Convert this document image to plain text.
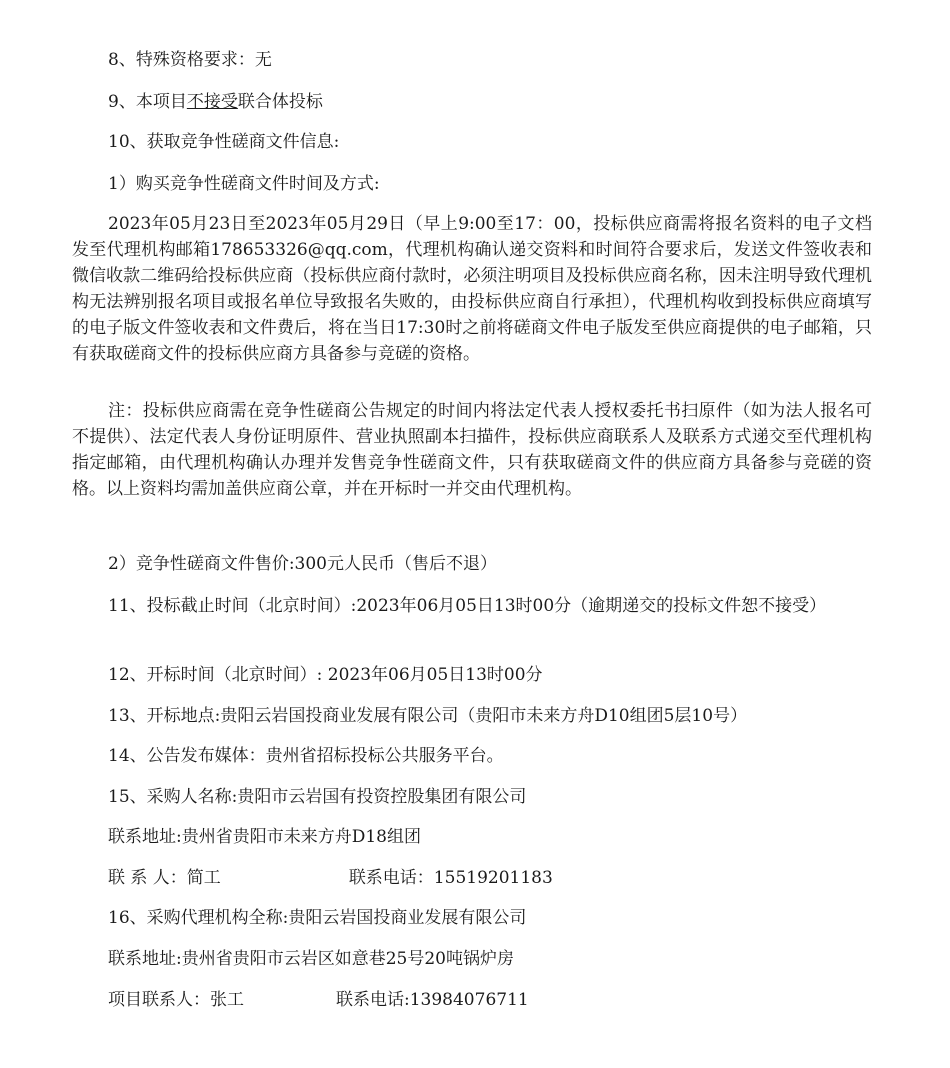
8、特殊资格要求：无
9、本项目不接受联合体投标
10、获取竞争性磋商文件信息:
1）购买竞争性磋商文件时间及方式:

2023年05月23日至2023年05月29日（早上9:00至17：00，投标供应商需将报名资料的电子文档发至代理机构邮箱178653326@qq.com，代理机构确认递交资料和时间符合要求后，发送文件签收表和微信收款二维码给投标供应商（投标供应商付款时，必须注明项目及投标供应商名称，因未注明导致代理机构无法辨别报名项目或报名单位导致报名失败的，由投标供应商自行承担），代理机构收到投标供应商填写的电子版文件签收表和文件费后，将在当日17:30时之前将磋商文件电子版发至供应商提供的电子邮箱，只有获取磋商文件的投标供应商方具备参与竞磋的资格。

注：投标供应商需在竞争性磋商公告规定的时间内将法定代表人授权委托书扫原件（如为法人报名可不提供）、法定代表人身份证明原件、营业执照副本扫描件，投标供应商联系人及联系方式递交至代理机构指定邮箱，由代理机构确认办理并发售竞争性磋商文件，只有获取磋商文件的供应商方具备参与竞磋的资格。以上资料均需加盖供应商公章，并在开标时一并交由代理机构。

2）竞争性磋商文件售价:300元人民币（售后不退）

11、投标截止时间（北京时间）:2023年06月05日13时00分（逾期递交的投标文件恕不接受）

12、开标时间（北京时间）: 2023年06月05日13时00分
13、开标地点:贵阳云岩国投商业发展有限公司（贵阳市未来方舟D10组团5层10号）
14、公告发布媒体：贵州省招标投标公共服务平台。
15、采购人名称:贵阳市云岩国有投资控股集团有限公司
联系地址:贵州省贵阳市未来方舟D18组团
联 系 人：简工	联系电话：15519201183
16、采购代理机构全称:贵阳云岩国投商业发展有限公司
联系地址:贵州省贵阳市云岩区如意巷25号20吨锅炉房
项目联系人：张工	联系电话:13984076711
